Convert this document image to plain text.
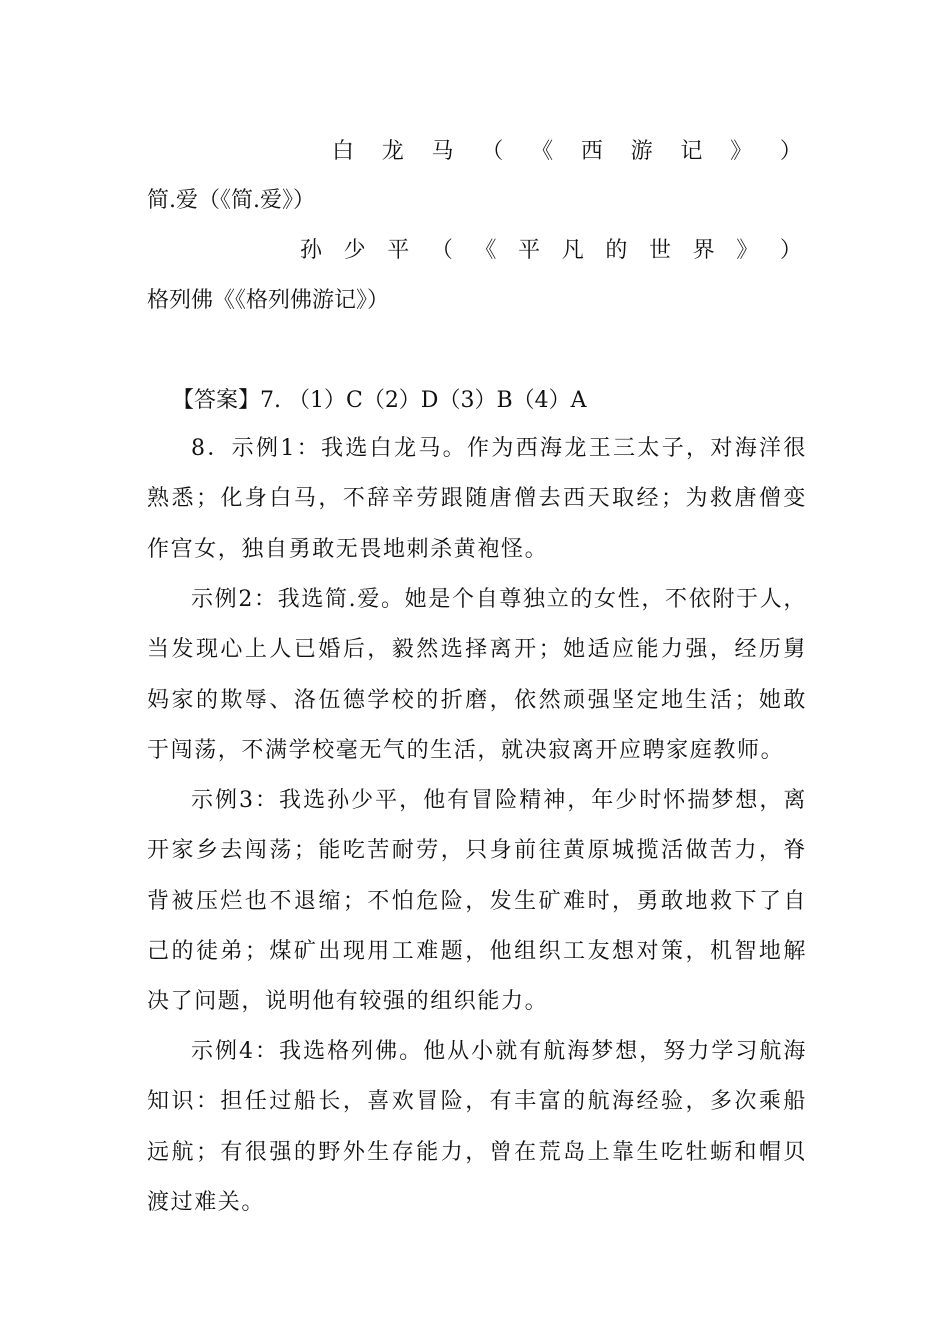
白 龙 马 （ 《 西 游 记 》 ）
简.爱（《简.爱》）
孙 少 平 （ 《 平 凡 的 世 界 》 ）
格列佛《《格列佛游记》）
【答案】7. （1）C（2）D（3）B（4）A

8．示例1：我选白龙马。作为西海龙王三太子，对海洋很熟悉；化身白马，不辞辛劳跟随唐僧去西天取经；为救唐僧变作宫女，独自勇敢无畏地刺杀黄袍怪。

示例2：我选简.爱。她是个自尊独立的女性，不依附于人，当发现心上人已婚后，毅然选择离开；她适应能力强，经历舅妈家的欺辱、洛伍德学校的折磨，依然顽强坚定地生活；她敢于闯荡，不满学校毫无气的生活，就决寂离开应聘家庭教师。

示例3：我选孙少平，他有冒险精神，年少时怀揣梦想，离开家乡去闯荡；能吃苦耐劳，只身前往黄原城揽活做苦力，脊背被压烂也不退缩；不怕危险，发生矿难时，勇敢地救下了自己的徒弟；煤矿出现用工难题，他组织工友想对策，机智地解决了问题，说明他有较强的组织能力。

示例4：我选格列佛。他从小就有航海梦想，努力学习航海知识：担任过船长，喜欢冒险，有丰富的航海经验，多次乘船远航；有很强的野外生存能力，曾在荒岛上靠生吃牡蛎和帽贝渡过难关。
